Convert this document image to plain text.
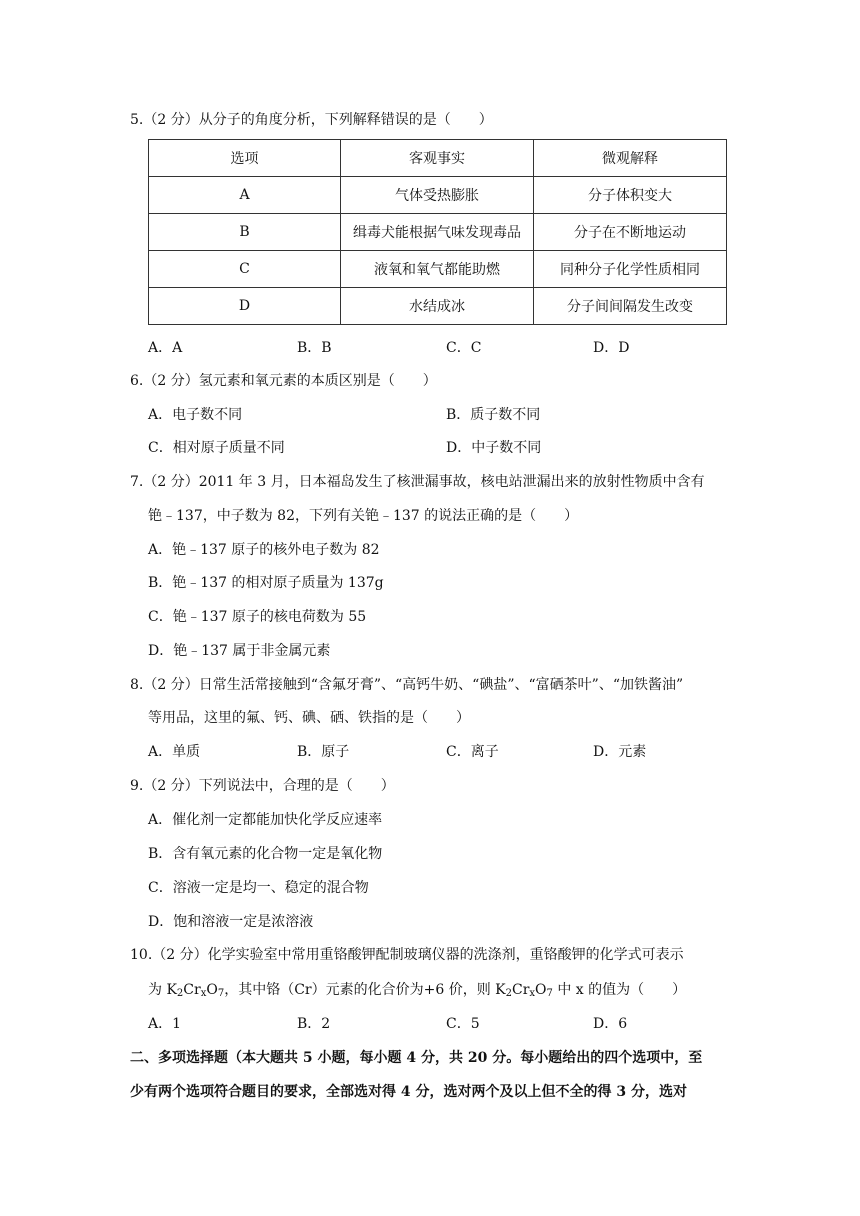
5.（2 分）从分子的角度分析，下列解释错误的是（　　）
选项	客观事实	微观解释
A	气体受热膨胀	分子体积变大
B	缉毒犬能根据气味发现毒品	分子在不断地运动
C	液氧和氧气都能助燃	同种分子化学性质相同
D	水结成冰	分子间间隔发生改变
A．A	B．B	C．C	D．D
6.（2 分）氢元素和氧元素的本质区别是（　　）
A．电子数不同	B．质子数不同
C．相对原子质量不同	D．中子数不同
7.（2 分）2011 年 3 月，日本福岛发生了核泄漏事故，核电站泄漏出来的放射性物质中含有
铯﹣137，中子数为 82，下列有关铯﹣137 的说法正确的是（　　）
A．铯﹣137 原子的核外电子数为 82
B．铯﹣137 的相对原子质量为 137g
C．铯﹣137 原子的核电荷数为 55
D．铯﹣137 属于非金属元素
8.（2 分）日常生活常接触到“含氟牙膏”、“高钙牛奶、“碘盐”、“富硒茶叶”、“加铁酱油”
等用品，这里的氟、钙、碘、硒、铁指的是（　　）
A．单质	B．原子	C．离子	D．元素
9.（2 分）下列说法中，合理的是（　　）
A．催化剂一定都能加快化学反应速率
B．含有氧元素的化合物一定是氧化物
C．溶液一定是均一、稳定的混合物
D．饱和溶液一定是浓溶液
10.（2 分）化学实验室中常用重铬酸钾配制玻璃仪器的洗涤剂，重铬酸钾的化学式可表示
为 $K_2Cr_xO_7$，其中铬（Cr）元素的化合价为+6 价，则 $K_2Cr_xO_7$ 中 x 的值为（　　）
A．1	B．2	C．5	D．6
二、多项选择题（本大题共 5 小题，每小题 4 分，共 20 分。每小题给出的四个选项中，至
少有两个选项符合题目的要求，全部选对得 4 分，选对两个及以上但不全的得 3 分，选对
